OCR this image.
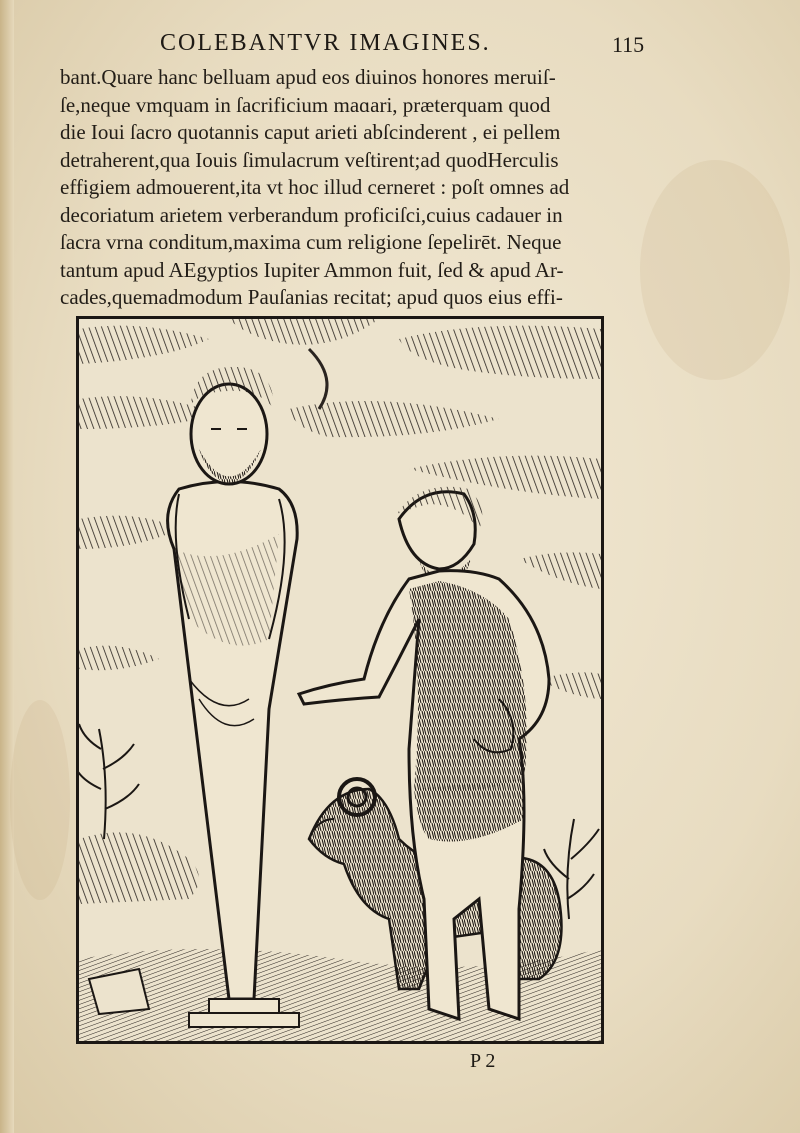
COLEBANTVR IMAGINES.	115
bant.Quare hanc belluam apud eos diuinos honores meruiſ-
ſe,neque vmquam in ſacrificium maɑari, præterquam quod
die Ioui ſacro quotannis caput arieti abſcinderent , ei pellem
detraherent,qua Iouis ſimulacrum veſtirent;ad quodHerculis
effigiem admouerent,ita vt hoc illud cerneret : poſt omnes ad
decoriatum arietem verberandum proficiſci,cuius cadauer in
ſacra vrna conditum,maxima cum religione ſepelirēt. Neque
tantum apud AEgyptios Iupiter Ammon fuit, ſed & apud Ar-
cades,quemadmodum Pauſanias recitat; apud quos eius effi-
P 2
